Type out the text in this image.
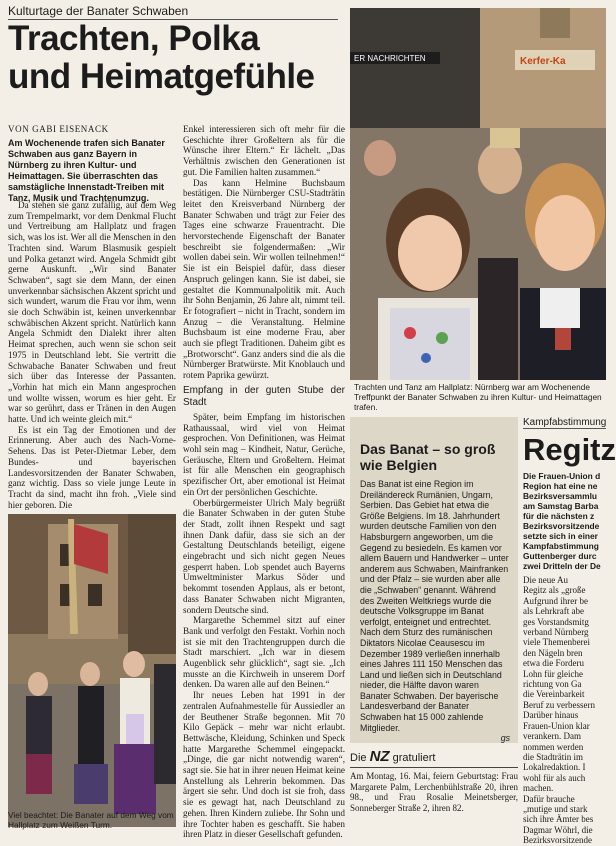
Kulturtage der Banater Schwaben
Trachten, Polka
und Heimatgefühle
VON GABI EISENACK
Am Wochenende trafen sich Banater Schwaben aus ganz Bayern in Nürnberg zu ihren Kultur- und Heimattagen. Sie überraschten das samstägliche Innenstadt-Treiben mit Tanz, Musik und Trachtenumzug.

Da stehen sie ganz zufällig, auf dem Weg zum Trempelmarkt, vor dem Denkmal Flucht und Vertreibung am Hallplatz und fragen sich, was los ist. Wer all die Menschen in den Trachten sind. Warum Blasmusik gespielt und Polka getanzt wird. Angela Schmidt gibt gerne Auskunft. „Wir sind Banater Schwaben“, sagt sie dem Mann, der einen unverkennbar sächsischen Akzent spricht und sich wundert, warum die Frau vor ihm, wenn sie doch Schwäbin ist, keinen unverkennbar schwäbischen Akzent spricht. Natürlich kann Angela Schmidt den Dialekt ihrer alten Heimat sprechen, auch wenn sie schon seit 1975 in Deutschland lebt. Sie vertritt die Schwabache Banater Schwaben und freut sich über das Interesse der Passanten. „Vorhin hat mich ein Mann angesprochen und wollte wissen, worum es hier geht. Er war so gerührt, dass er Tränen in den Augen hatte. Und ich weinte gleich mit.“

Es ist ein Tag der Emotionen und der Erinnerung. Aber auch des Nach-Vorne-Sehens. Das ist Peter-Dietmar Leber, dem Bundes- und bayerischen Landesvorsitzenden der Banater Schwaben, ganz wichtig. Dass so viele junge Leute in Tracht da sind, macht ihn froh. „Viele sind hier geboren. Die

Enkel interessieren sich oft mehr für die Geschichte ihrer Großeltern als für die Wünsche ihrer Eltern.“ Er lächelt. „Das Verhältnis zwischen den Generationen ist gut. Die Familien halten zusammen.“

Das kann Helmine Buchsbaum bestätigen. Die Nürnberger CSU-Stadträtin leitet den Kreisverband Nürnberg der Banater Schwaben und trägt zur Feier des Tages eine schwarze Frauentracht. Die hervorstechende Eigenschaft der Banater beschreibt sie folgendermaßen: „Wir wollen dabei sein. Wir wollen teilnehmen!“ Sie ist ein Beispiel dafür, dass dieser Anspruch gelingen kann. Sie ist dabei, sie gestaltet die Kommunalpolitik mit. Auch ihr Sohn Benjamin, 26 Jahre alt, nimmt teil. Er fotografiert – nicht in Tracht, sondern im Anzug – die Veranstaltung. Helmine Buchsbaum ist eine moderne Frau, aber auch sie pflegt Traditionen. Daheim gibt es „Brotworscht“. Ganz anders sind die als die Nürnberger Bratwürste. Mit Knoblauch und rotem Paprika gewürzt.

Empfang in der guten Stube der Stadt

Später, beim Empfang im historischen Rathaussaal, wird viel von Heimat gesprochen. Von Definitionen, was Heimat wohl sein mag – Kindheit, Natur, Gerüche, Geräusche, Eltern und Großeltern. Heimat ist für alle Menschen ein geographisch spezifischer Ort, aber emotional ist Heimat ein Ort der persönlichen Geschichte.

Oberbürgermeister Ulrich Maly begrüßt die Banater Schwaben in der guten Stube der Stadt, zollt ihnen Respekt und sagt ihnen Dank dafür, dass sie sich an der Gestaltung Deutschlands beteiligt, eigene eingebracht und sich nicht gegen Neues gesperrt haben. Lob spendet auch Bayerns Umweltminister Markus Söder und bekommt tosenden Applaus, als er betont, dass Banater Schwaben nicht Migranten, sondern Deutsche sind.

Margarethe Schemmel sitzt auf einer Bank und verfolgt den Festakt. Vorhin noch ist sie mit den Trachtengruppen durch die Stadt marschiert. „Ich war in diesem Augenblick sehr glücklich“, sagt sie. „Ich musste an die Kirchweih in unserem Dorf denken. Da waren alle auf den Beinen.“

Ihr neues Leben hat 1991 in der zentralen Aufnahmestelle für Aussiedler an der Beuthener Straße begonnen. Mit 70 Kilo Gepäck – mehr war nicht erlaubt. Bettwäsche, Kleidung, Schinken und Speck hatte Margarethe Schemmel eingepackt. „Dinge, die gar nicht notwendig waren“, sagt sie. Sie hat in ihrer neuen Heimat keine Anstellung als Lehrerin bekommen. Das ärgert sie sehr. Und doch ist sie froh, dass sie es gewagt hat, nach Deutschland zu gehen. Ihren Kindern zuliebe. Ihr Sohn und ihre Tochter haben es geschafft. Sie haben ihren Platz in dieser Gesellschaft gefunden.

Viel beachtet: Die Banater auf dem Weg vom Hallplatz zum Weißen Turm.
ER NACHRICHTEN	Kerfer-Ka
Trachten und Tanz am Hallplatz: Nürnberg war am Wochenende Treffpunkt der Banater Schwaben zu ihren Kultur- und Heimattagen trafen.
Das Banat – so groß wie Belgien
Das Banat ist eine Region im Dreiländereck Rumänien, Ungarn, Serbien. Das Gebiet hat etwa die Größe Belgiens. Im 18. Jahrhundert wurden deutsche Familien von den Habsburgern angeworben, um die Gegend zu besiedeln. Es kamen vor allem Bauern und Handwerker – unter anderem aus Schwaben, Mainfranken und der Pfalz – sie wurden aber alle die „Schwaben“ genannt. Während des Zweiten Weltkriegs wurde die deutsche Volksgruppe im Banat verfolgt, enteignet und entrechtet. Nach dem Sturz des rumänischen Diktators Nicolae Ceausescu im Dezember 1989 verließen innerhalb eines Jahres 111 150 Menschen das Land und ließen sich in Deutschland nieder, die Hälfte davon waren Banater Schwaben. Der bayerische Landesverband der Banater Schwaben hat 15 000 zahlende Mitglieder.
gs
Die NZ gratuliert
Am Montag, 16. Mai, feiern Geburtstag: Frau Margarete Palm, Lerchenbühlstraße 20, ihren 98., und Frau Rosalie Meinetsberger, Sonneberger Straße 2, ihren 82.
Kampfabstimmung
Regitz
Die Frauen-Union d
Region hat eine ne
Bezirksversammlu
am Samstag Barba
für die nächsten z
Bezirksvorsitzende
setzte sich in einer
Kampfabstimmung
Guttenberger durc
zwei Dritteln der De
Die neue Au
Regitz als „große
Aufgrund ihrer be
als Lehrkraft abe
ges Vorstandsmitg
verband Nürnberg
viele Themenberei
den Nägeln bren
etwa die Forderu
Lohn für gleiche
richtung von Ga
die Vereinbarkeit
Beruf zu verbessern
Darüber hinaus
Frauen-Union klar
verankern. Dam
nommen werden
die Stadträtin im
Lokalredaktion. I
wohl für als auch
machen.
Dafür brauche
„mutige und stark
sich ihre Ämter bes
Dagmar Wöhrl, die
Bezirksvorsitzende
